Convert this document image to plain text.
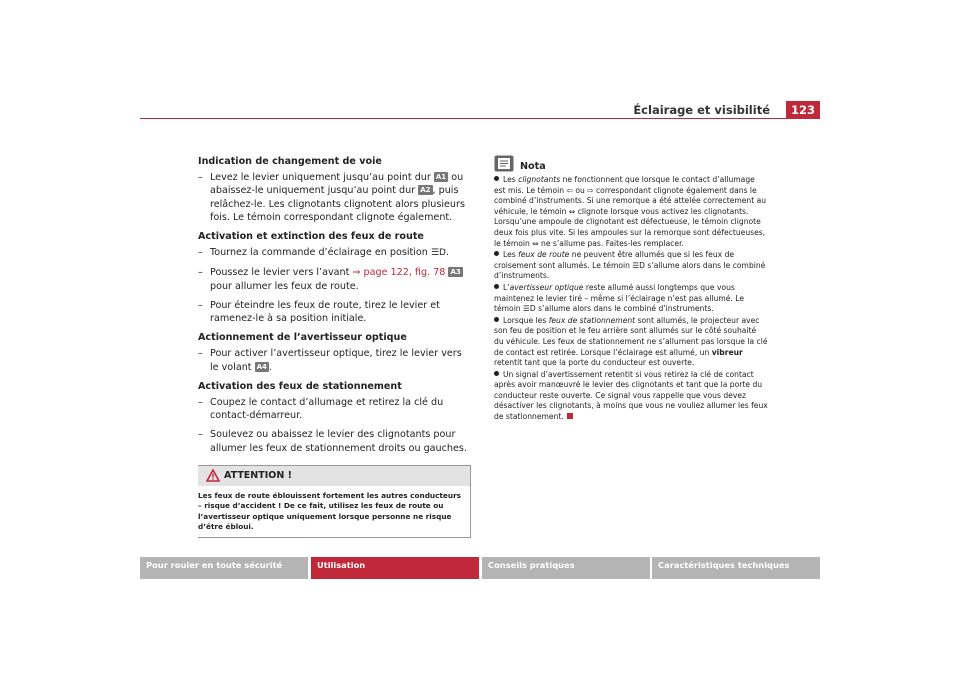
Éclairage et visibilité	123
Indication de changement de voie
– Levez le levier uniquement jusqu’au point dur A1 ou abaissez-le uniquement jusqu’au point dur A2 , puis relâchez-le. Les clignotants clignotent alors plusieurs fois. Le témoin correspondant clignote également.
Activation et extinction des feux de route
– Tournez la commande d’éclairage en position ☰D.
– Poussez le levier vers l’avant ⇒ page 122, fig. 78 A3 pour allumer les feux de route.
– Pour éteindre les feux de route, tirez le levier et ramenez-le à sa position initiale.
Actionnement de l’avertisseur optique
– Pour activer l’avertisseur optique, tirez le levier vers le volant A4 .
Activation des feux de stationnement
– Coupez le contact d’allumage et retirez la clé du contact-démarreur.
– Soulevez ou abaissez le levier des clignotants pour allumer les feux de stationnement droits ou gauches.
ATTENTION !
Les feux de route éblouissent fortement les autres conducteurs – risque d’accident ! De ce fait, utilisez les feux de route ou l’avertisseur optique uniquement lorsque personne ne risque d’être ébloui.
Nota
Les clignotants ne fonctionnent que lorsque le contact d’allumage est mis. Le témoin ⇦ ou ⇨ correspondant clignote également dans le combiné d’instruments. Si une remorque a été attelée correctement au véhicule, le témoin ⇔ clignote lorsque vous activez les clignotants. Lorsqu’une ampoule de clignotant est défectueuse, le témoin clignote deux fois plus vite. Si les ampoules sur la remorque sont défectueuses, le témoin ⇔ ne s’allume pas. Faites-les remplacer.
Les feux de route ne peuvent être allumés que si les feux de croisement sont allumés. Le témoin ☰D s’allume alors dans le combiné d’instruments.
L’avertisseur optique reste allumé aussi longtemps que vous maintenez le levier tiré – même si l’éclairage n’est pas allumé. Le témoin ☰D s’allume alors dans le combiné d’instruments.
Lorsque les feux de stationnement sont allumés, le projecteur avec son feu de position et le feu arrière sont allumés sur le côté souhaité du véhicule. Les feux de stationnement ne s’allument pas lorsque la clé de contact est retirée. Lorsque l’éclairage est allumé, un vibreur retentit tant que la porte du conducteur est ouverte.
Un signal d’avertissement retentit si vous retirez la clé de contact après avoir manœuvré le levier des clignotants et tant que la porte du conducteur reste ouverte. Ce signal vous rappelle que vous devez désactiver les clignotants, à moins que vous ne vouliez allumer les feux de stationnement.
Pour rouler en toute sécurité	Utilisation	Conseils pratiques	Caractéristiques techniques
